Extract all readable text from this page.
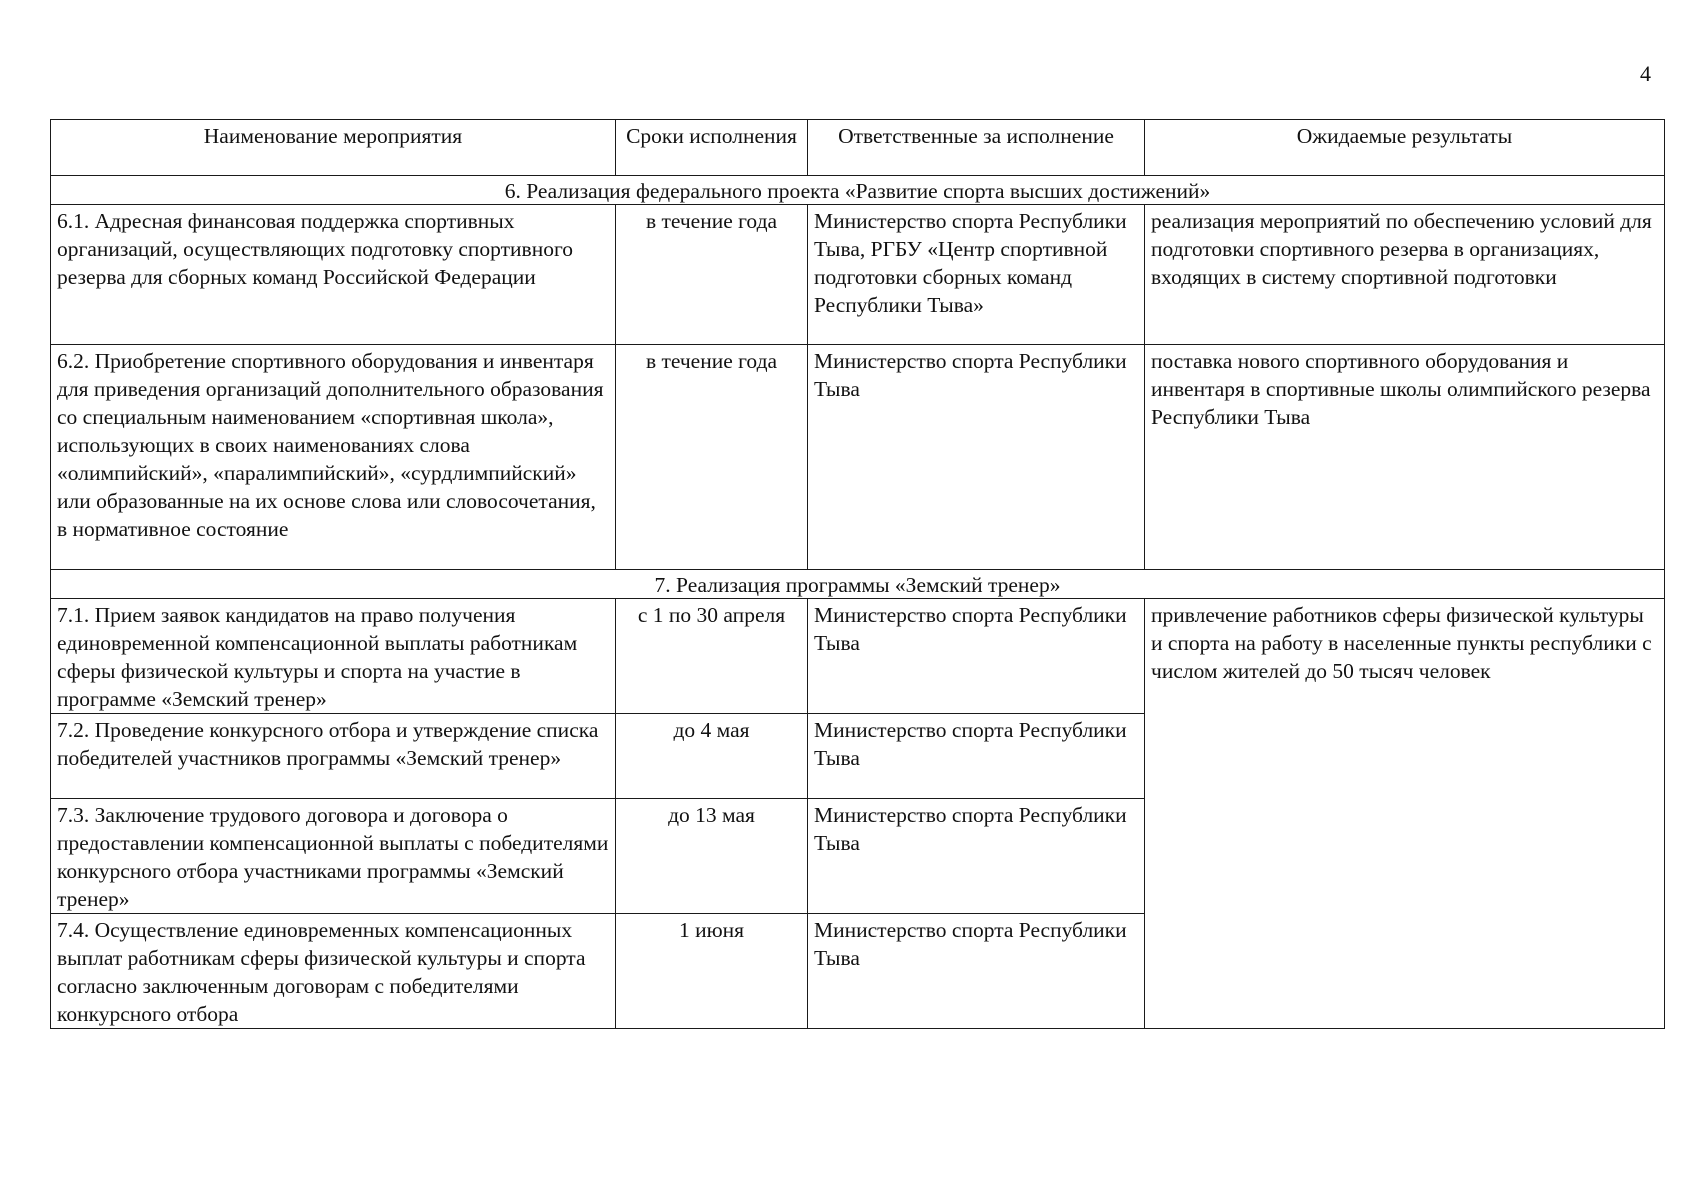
4
Наименование мероприятия	Сроки исполнения	Ответственные за исполнение	Ожидаемые результаты
6. Реализация федерального проекта «Развитие спорта высших достижений»			
6.1. Адресная финансовая поддержка спортивных организаций, осуществляющих подготовку спортивного резерва для сборных команд Российской Федерации	в течение года	Министерство спорта Республики Тыва, РГБУ «Центр спортивной подготовки сборных команд Республики Тыва»	реализация мероприятий по обеспечению условий для подготовки спортивного резерва в организациях, входящих в систему спортивной подготовки
6.2. Приобретение спортивного оборудования и инвентаря для приведения организаций дополнительного образования со специальным наименованием «спортивная школа», использующих в своих наименованиях слова «олимпийский», «паралимпийский», «сурдлимпийский» или образованные на их основе слова или словосочетания, в нормативное состояние	в течение года	Министерство спорта Республики Тыва	поставка нового спортивного оборудования и инвентаря в спортивные школы олимпийского резерва Республики Тыва
7. Реализация программы «Земский тренер»			
7.1. Прием заявок кандидатов на право получения единовременной компенсационной выплаты работникам сферы физической культуры и спорта на участие в программе «Земский тренер»	с 1 по 30 апреля	Министерство спорта Республики Тыва	привлечение работников сферы физической культуры и спорта на работу в населенные пункты республики с числом жителей до 50 тысяч человек
7.2. Проведение конкурсного отбора и утверждение списка победителей участников программы «Земский тренер»	до 4 мая	Министерство спорта Республики Тыва	
7.3. Заключение трудового договора и договора о предоставлении компенсационной выплаты с победителями конкурсного отбора участниками программы «Земский тренер»	до 13 мая	Министерство спорта Республики Тыва	
7.4. Осуществление единовременных компенсационных выплат работникам сферы физической культуры и спорта согласно заключенным договорам с победителями конкурсного отбора	1 июня	Министерство спорта Республики Тыва	
